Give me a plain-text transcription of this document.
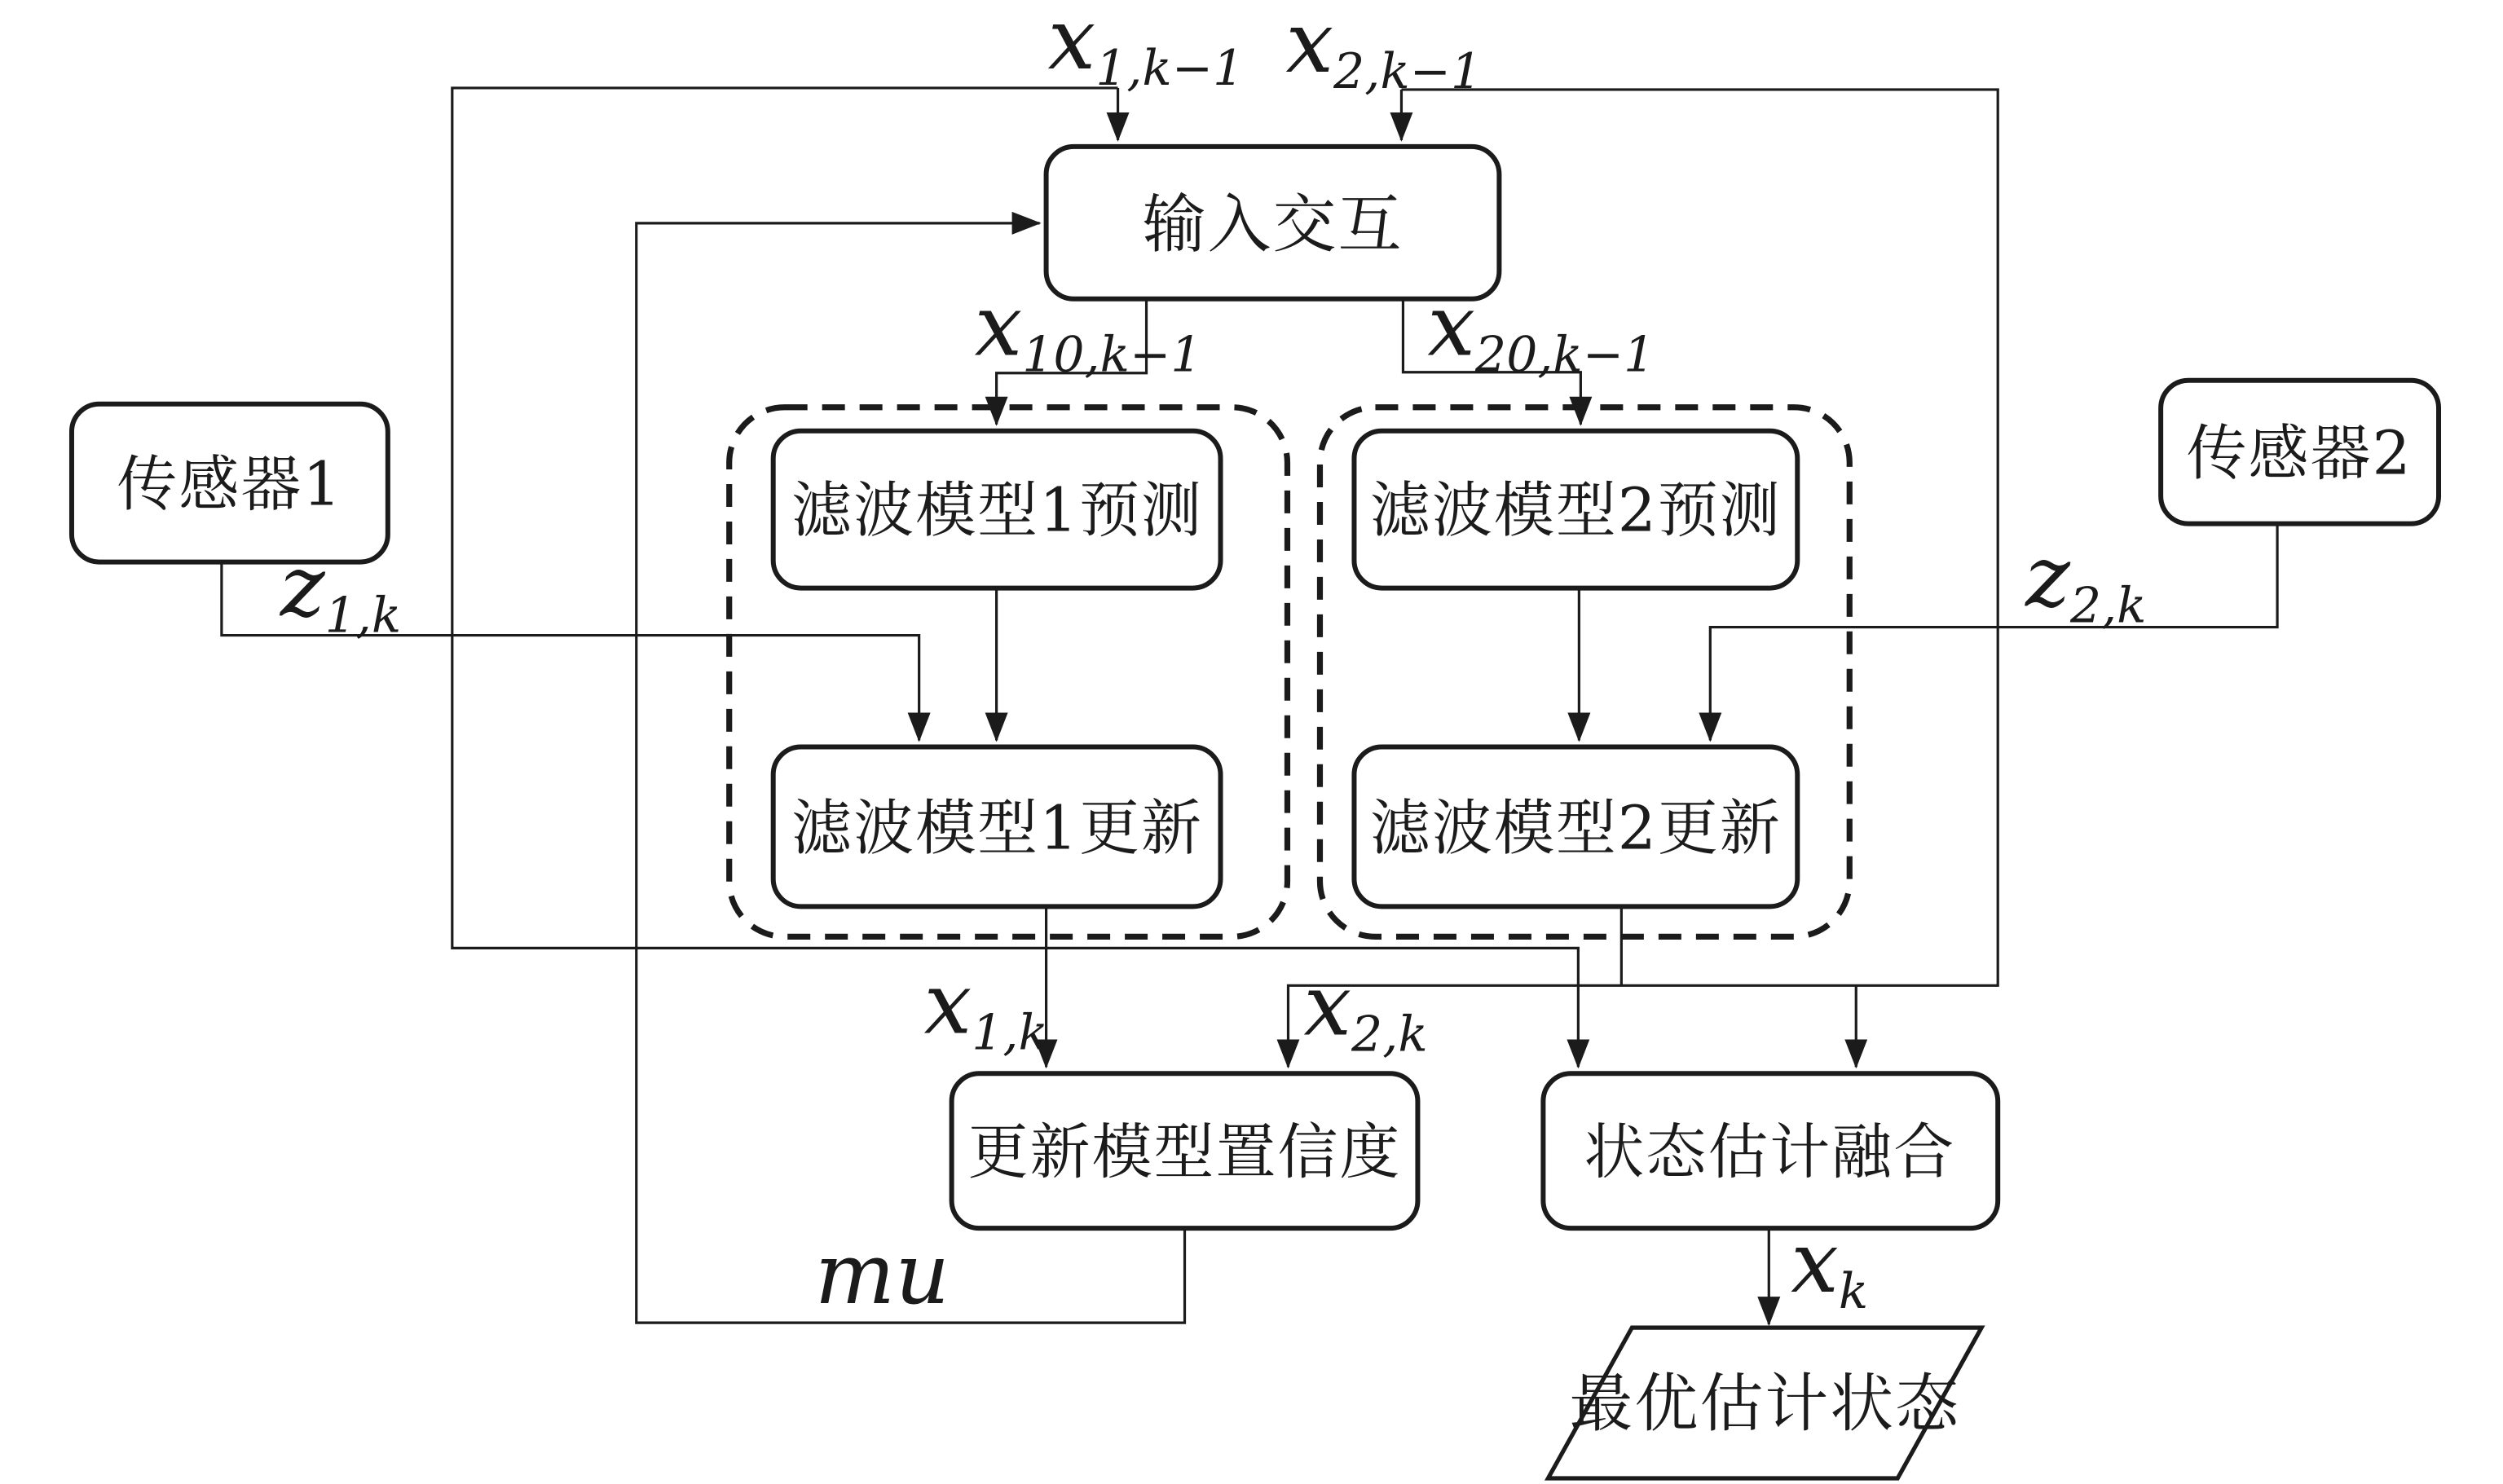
输入交互
传感器1	传感器2
滤波模型1预测
滤波模型1更新
滤波模型2预测
滤波模型2更新
更新模型置信度	状态估计融合
最优估计状态
x1,k−1 x2,k−1
x10,k−1	x20,k−1
z1,k	z2,k
x1,k	x2,k
mu	xk
